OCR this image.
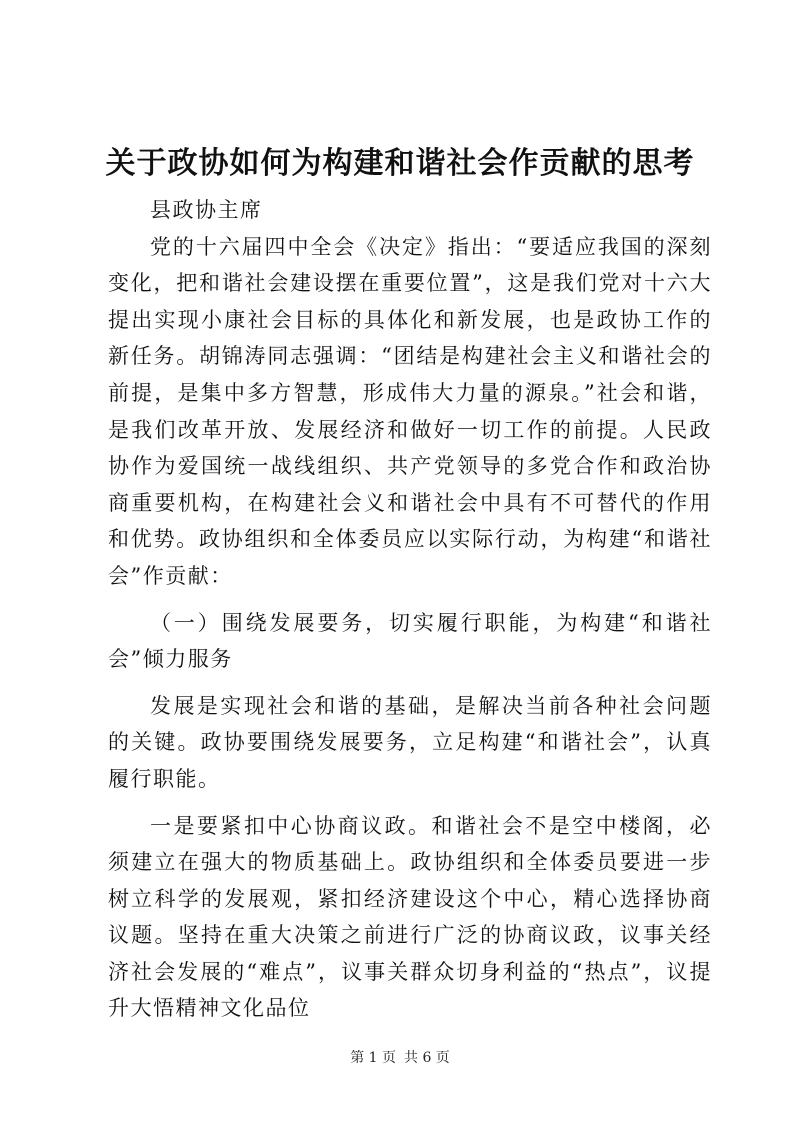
关于政协如何为构建和谐社会作贡献的思考

县政协主席

党的十六届四中全会《决定》指出：“要适应我国的深刻变化，把和谐社会建设摆在重要位置”，这是我们党对十六大提出实现小康社会目标的具体化和新发展，也是政协工作的新任务。胡锦涛同志强调：“团结是构建社会主义和谐社会的前提，是集中多方智慧，形成伟大力量的源泉。”社会和谐，是我们改革开放、发展经济和做好一切工作的前提。人民政协作为爱国统一战线组织、共产党领导的多党合作和政治协商重要机构，在构建社会义和谐社会中具有不可替代的作用和优势。政协组织和全体委员应以实际行动，为构建“和谐社会”作贡献：

（一）围绕发展要务，切实履行职能，为构建“和谐社会”倾力服务

发展是实现社会和谐的基础，是解决当前各种社会问题的关键。政协要围绕发展要务，立足构建“和谐社会”，认真履行职能。

一是要紧扣中心协商议政。和谐社会不是空中楼阁，必须建立在强大的物质基础上。政协组织和全体委员要进一步树立科学的发展观，紧扣经济建设这个中心，精心选择协商议题。坚持在重大决策之前进行广泛的协商议政，议事关经济社会发展的“难点”，议事关群众切身利益的“热点”，议提升大悟精神文化品位

第 1 页 共 6 页
